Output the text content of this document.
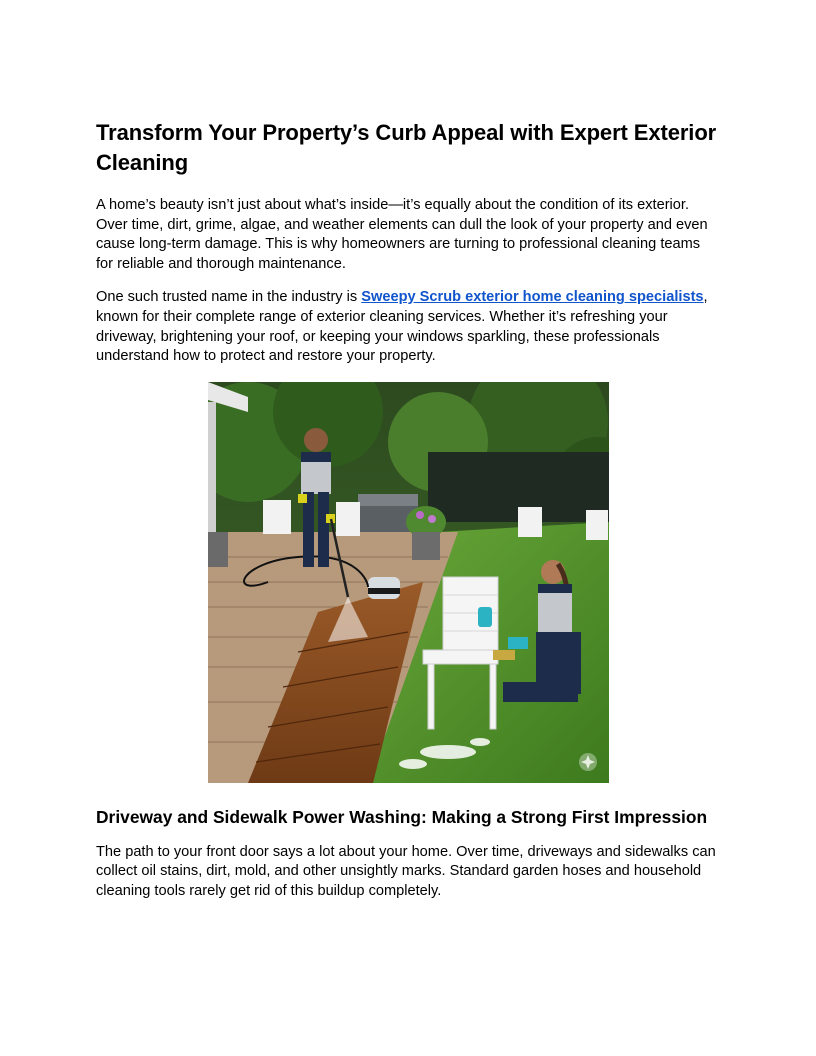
Transform Your Property’s Curb Appeal with Expert Exterior Cleaning

A home’s beauty isn’t just about what’s inside—it’s equally about the condition of its exterior. Over time, dirt, grime, algae, and weather elements can dull the look of your property and even cause long-term damage. This is why homeowners are turning to professional cleaning teams for reliable and thorough maintenance.

One such trusted name in the industry is Sweepy Scrub exterior home cleaning specialists, known for their complete range of exterior cleaning services. Whether it’s refreshing your driveway, brightening your roof, or keeping your windows sparkling, these professionals understand how to protect and restore your property.

Driveway and Sidewalk Power Washing: Making a Strong First Impression

The path to your front door says a lot about your home. Over time, driveways and sidewalks can collect oil stains, dirt, mold, and other unsightly marks. Standard garden hoses and household cleaning tools rarely get rid of this buildup completely.
